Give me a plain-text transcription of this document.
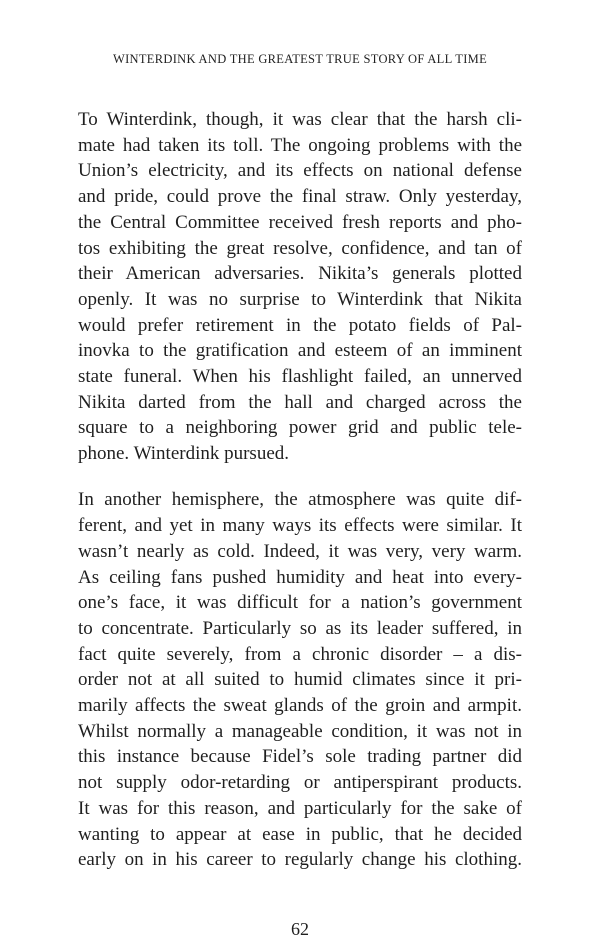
WINTERDINK AND THE GREATEST TRUE STORY OF ALL TIME
To Winterdink, though, it was clear that the harsh cli-
mate had taken its toll. The ongoing problems with the
Union’s electricity, and its effects on national defense
and pride, could prove the final straw. Only yesterday,
the Central Committee received fresh reports and pho-
tos exhibiting the great resolve, confidence, and tan of
their American adversaries. Nikita’s generals plotted
openly. It was no surprise to Winterdink that Nikita
would prefer retirement in the potato fields of Pal-
inovka to the gratification and esteem of an imminent
state funeral. When his flashlight failed, an unnerved
Nikita darted from the hall and charged across the
square to a neighboring power grid and public tele-
phone. Winterdink pursued.
In another hemisphere, the atmosphere was quite dif-
ferent, and yet in many ways its effects were similar. It
wasn’t nearly as cold. Indeed, it was very, very warm.
As ceiling fans pushed humidity and heat into every-
one’s face, it was difficult for a nation’s government
to concentrate. Particularly so as its leader suffered, in
fact quite severely, from a chronic disorder – a dis-
order not at all suited to humid climates since it pri-
marily affects the sweat glands of the groin and armpit.
Whilst normally a manageable condition, it was not in
this instance because Fidel’s sole trading partner did
not supply odor-retarding or antiperspirant products.
It was for this reason, and particularly for the sake of
wanting to appear at ease in public, that he decided
early on in his career to regularly change his clothing.
62
